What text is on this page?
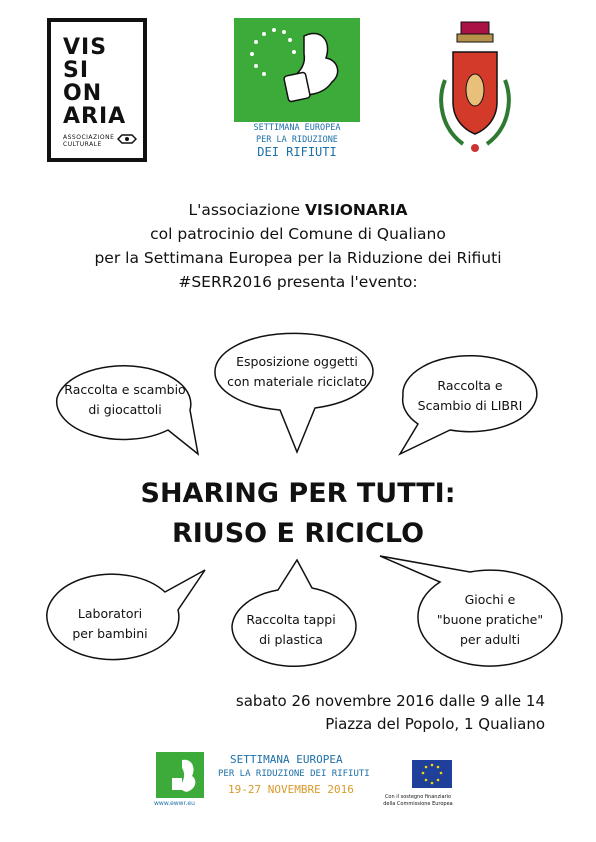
VIS
SI
ON
ARIA
ASSOCIAZIONE
CULTURALE
SETTIMANA EUROPEA
PER LA RIDUZIONE
DEI RIFIUTI
L'associazione VISIONARIA
col patrocinio del Comune di Qualiano
per la Settimana Europea per la Riduzione dei Rifiuti
#SERR2016 presenta l'evento:
Raccolta e scambio
di giocattoli
Esposizione oggetti
con materiale riciclato	Raccolta e
Scambio di LIBRI
Laboratori
per bambini
Raccolta tappi
di plastica
Giochi e
"buone pratiche"
per adulti
SHARING PER TUTTI:
RIUSO E RICICLO
sabato 26 novembre 2016 dalle 9 alle 14
Piazza del Popolo, 1 Qualiano
www.ewwr.eu
SETTIMANA EUROPEA
PER LA RIDUZIONE DEI RIFIUTI
19-27 NOVEMBRE 2016
Con il sostegno finanziario
della Commissione Europea
